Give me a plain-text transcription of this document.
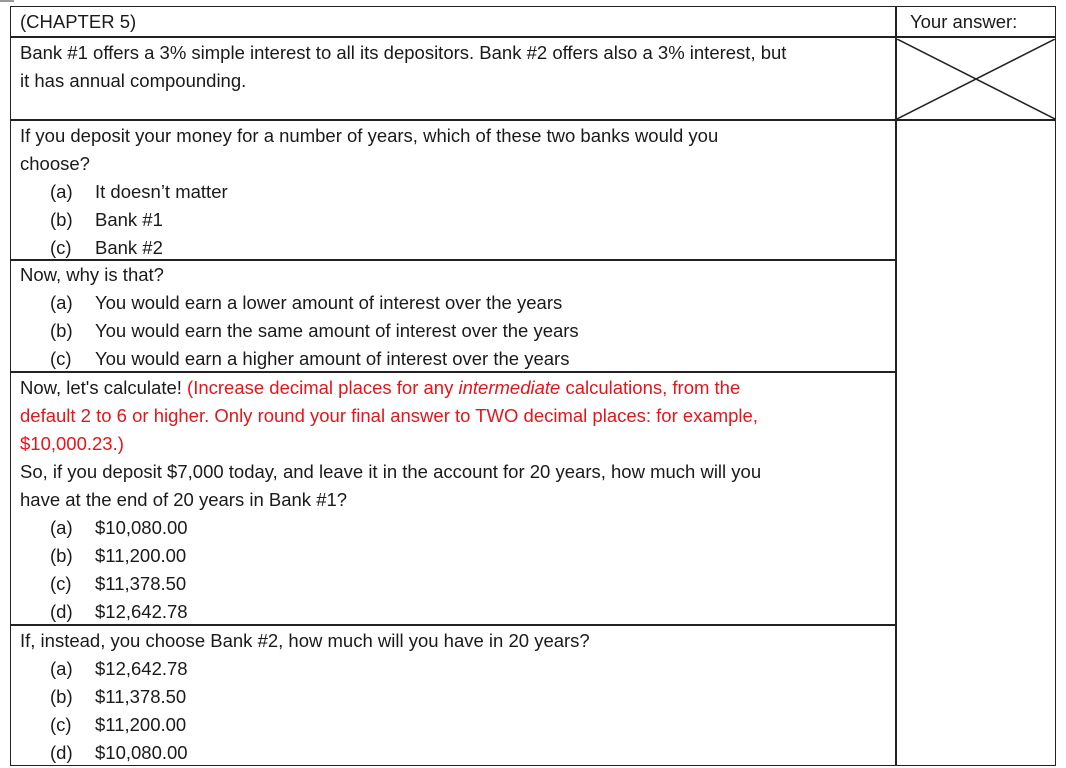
(CHAPTER 5)	Your answer:
Bank #1 offers a 3% simple interest to all its depositors. Bank #2 offers also a 3% interest, but
it has annual compounding.
If you deposit your money for a number of years, which of these two banks would you
choose?
(a) It doesn’t matter
(b) Bank #1
(c) Bank #2
Now, why is that?
(a) You would earn a lower amount of interest over the years
(b) You would earn the same amount of interest over the years
(c) You would earn a higher amount of interest over the years
Now, let's calculate! (Increase decimal places for any intermediate calculations, from the
default 2 to 6 or higher. Only round your final answer to TWO decimal places: for example,
$10,000.23.)
So, if you deposit $7,000 today, and leave it in the account for 20 years, how much will you
have at the end of 20 years in Bank #1?
(a) $10,080.00
(b) $11,200.00
(c) $11,378.50
(d) $12,642.78
If, instead, you choose Bank #2, how much will you have in 20 years?
(a) $12,642.78
(b) $11,378.50
(c) $11,200.00
(d) $10,080.00
